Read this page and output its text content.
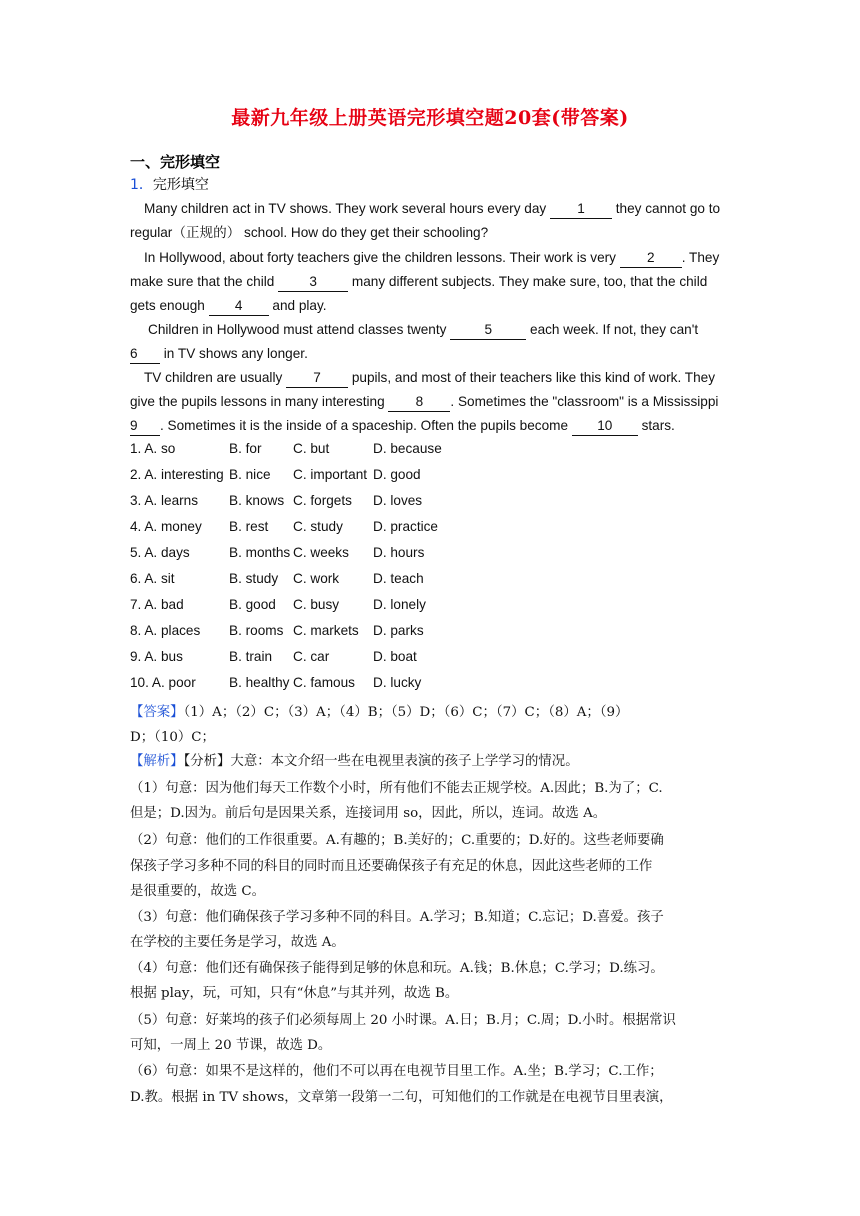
最新九年级上册英语完形填空题20套(带答案)
一、完形填空
1．完形填空
Many children act in TV shows. They work several hours every day 1 they cannot go to
regular（正规的） school. How do they get their schooling?
In Hollywood, about forty teachers give the children lessons. Their work is very 2 . They
make sure that the child 3 many different subjects. They make sure, too, that the child
gets enough 4 and play.
Children in Hollywood must attend classes twenty	5	each week. If not, they can't
6 in TV shows any longer.
TV children are usually 7 pupils, and most of their teachers like this kind of work. They
give the pupils lessons in many interesting 8 . Sometimes the "classroom" is a Mississippi
9 . Sometimes it is the inside of a spaceship. Often the pupils become 10 stars.
1. A. so	B. for C. but	D. because
2. A. interesting B. nice C. important D. good
3. A. learns B. knows C. forgets D. loves
4. A. money B. rest C. study D. practice
5. A. days	B. months C. weeks D. hours
6. A. sit	B. study C. work D. teach
7. A. bad	B. good C. busy D. lonely
8. A. places B. rooms C. markets D. parks
9. A. bus	B. train C. car	D. boat
10. A. poor B. healthy C. famous D. lucky
【答案】（1）A；（2）C；（3）A；（4）B；（5）D；（6）C；（7）C；（8）A；（9）
D；（10）C；
【解析】【分析】大意：本文介绍一些在电视里表演的孩子上学学习的情况。
（1）句意：因为他们每天工作数个小时，所有他们不能去正规学校。A.因此；B.为了；C.
但是；D.因为。前后句是因果关系，连接词用 so，因此，所以，连词。故选 A。
（2）句意：他们的工作很重要。A.有趣的；B.美好的；C.重要的；D.好的。这些老师要确
保孩子学习多种不同的科目的同时而且还要确保孩子有充足的休息，因此这些老师的工作
是很重要的，故选 C。
（3）句意：他们确保孩子学习多种不同的科目。A.学习；B.知道；C.忘记；D.喜爱。孩子
在学校的主要任务是学习，故选 A。
（4）句意：他们还有确保孩子能得到足够的休息和玩。A.钱；B.休息；C.学习；D.练习。
根据 play，玩，可知，只有“休息”与其并列，故选 B。
（5）句意：好莱坞的孩子们必须每周上 20 小时课。A.日；B.月；C.周；D.小时。根据常识
可知，一周上 20 节课，故选 D。
（6）句意：如果不是这样的，他们不可以再在电视节目里工作。A.坐；B.学习；C.工作；
D.教。根据 in TV shows，文章第一段第一二句，可知他们的工作就是在电视节目里表演，
